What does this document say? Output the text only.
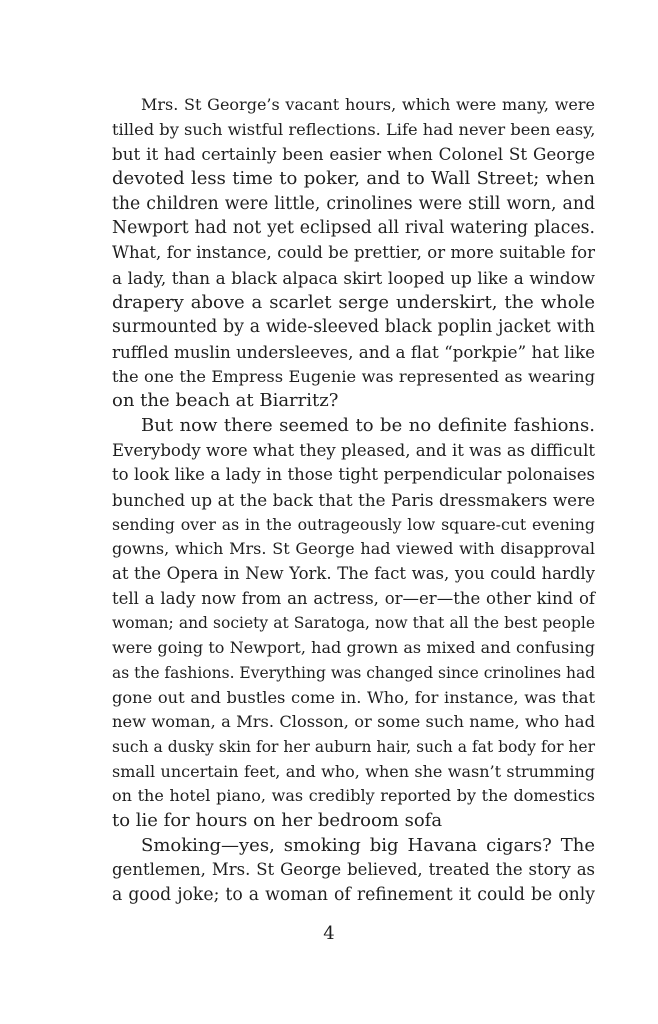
Mrs. St George’s vacant hours, which were many, were
tilled by such wistful reflections. Life had never been easy,
but it had certainly been easier when Colonel St George
devoted less time to poker, and to Wall Street; when
the children were little, crinolines were still worn, and
Newport had not yet eclipsed all rival watering places.
What, for instance, could be prettier, or more suitable for
a lady, than a black alpaca skirt looped up like a window
drapery above a scarlet serge underskirt, the whole
surmounted by a wide-sleeved black poplin jacket with
ruffled muslin undersleeves, and a flat “porkpie” hat like
the one the Empress Eugenie was represented as wearing
on the beach at Biarritz?
But now there seemed to be no definite fashions.
Everybody wore what they pleased, and it was as difficult
to look like a lady in those tight perpendicular polonaises
bunched up at the back that the Paris dressmakers were
sending over as in the outrageously low square-cut evening
gowns, which Mrs. St George had viewed with disapproval
at the Opera in New York. The fact was, you could hardly
tell a lady now from an actress, or—er—the other kind of
woman; and society at Saratoga, now that all the best people
were going to Newport, had grown as mixed and confusing
as the fashions. Everything was changed since crinolines had
gone out and bustles come in. Who, for instance, was that
new woman, a Mrs. Closson, or some such name, who had
such a dusky skin for her auburn hair, such a fat body for her
small uncertain feet, and who, when she wasn’t strumming
on the hotel piano, was credibly reported by the domestics
to lie for hours on her bedroom sofa
Smoking—yes, smoking big Havana cigars? The
gentlemen, Mrs. St George believed, treated the story as
a good joke; to a woman of refinement it could be only
4
